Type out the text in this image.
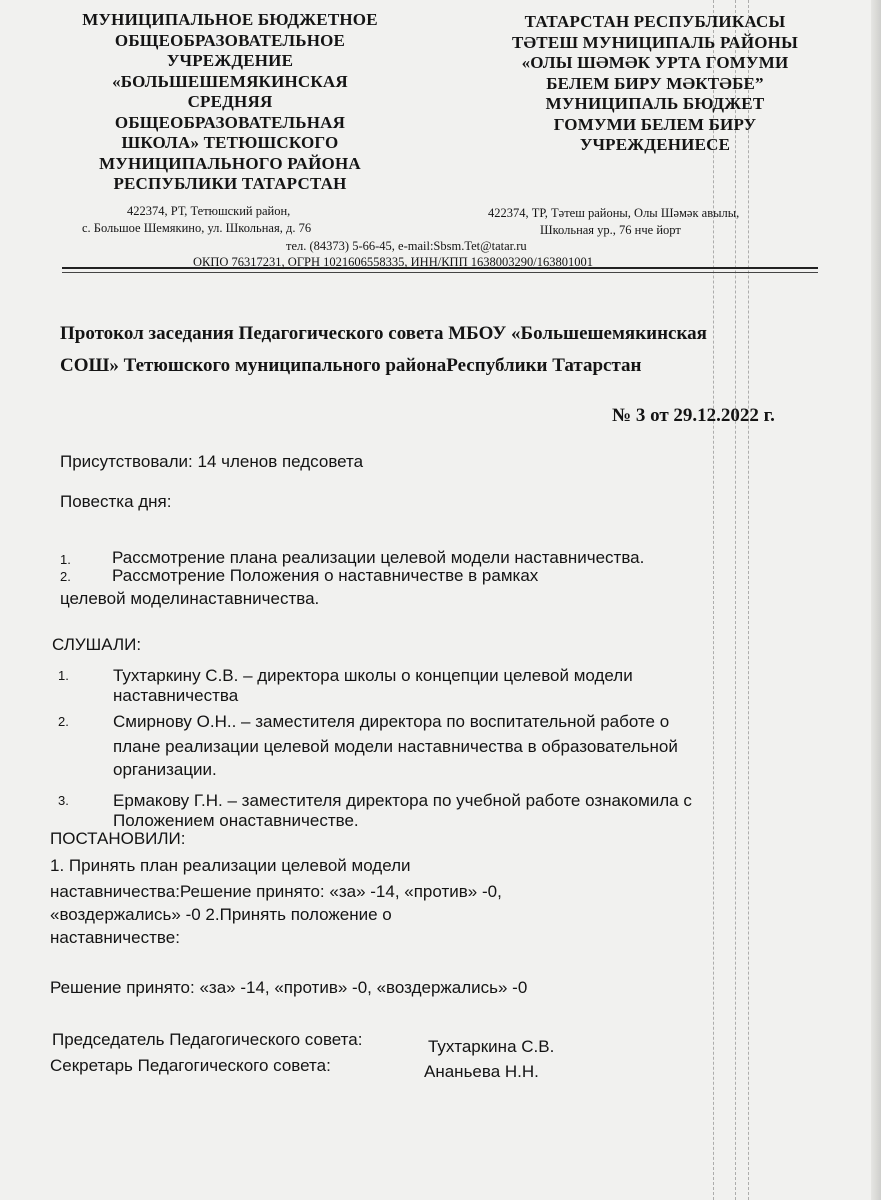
МУНИЦИПАЛЬНОЕ БЮДЖЕТНОЕ
ОБЩЕОБРАЗОВАТЕЛЬНОЕ
УЧРЕЖДЕНИЕ
«БОЛЬШЕШЕМЯКИНСКАЯ
СРЕДНЯЯ
ОБЩЕОБРАЗОВАТЕЛЬНАЯ
ШКОЛА» ТЕТЮШСКОГО
МУНИЦИПАЛЬНОГО РАЙОНА
РЕСПУБЛИКИ ТАТАРСТАН
422374, РТ, Тетюшский район,
с. Большое Шемякино, ул. Школьная, д. 76
ТАТАРСТАН РЕСПУБЛИКАСЫ
ТӘТЕШ МУНИЦИПАЛЬ РАЙОНЫ
«ОЛЫ ШӘМӘК УРТА ГОМУМИ
БЕЛЕМ БИРУ МӘКТӘБЕ”
МУНИЦИПАЛЬ БЮДЖЕТ
ГОМУМИ БЕЛЕМ БИРУ
УЧРЕЖДЕНИЕСЕ
422374, ТР, Тәтеш районы, Олы Шәмәк авылы,
Школьная ур., 76 нче йорт
тел. (84373) 5-66-45, e-mail:Sbsm.Tet@tatar.ru
ОКПО 76317231, ОГРН 1021606558335, ИНН/КПП 1638003290/163801001
Протокол заседания Педагогического совета МБОУ «Большешемякинская
СОШ» Тетюшского муниципального районаРеспублики Татарстан
№ 3 от 29.12.2022 г.
Присутствовали: 14 членов педсовета
Повестка дня:
1. Рассмотрение плана реализации целевой модели наставничества.
2. Рассмотрение Положения о наставничестве в рамках
целевой моделинаставничества.
СЛУШАЛИ:
1.	Тухтаркину С.В. – директора школы о концепции целевой модели
наставничества
2.	Смирнову О.Н.. – заместителя директора по воспитательной работе о
плане реализации целевой модели наставничества в образовательной
организации.
3.	Ермакову Г.Н. – заместителя директора по учебной работе ознакомила с
Положением онаставничестве.
ПОСТАНОВИЛИ:
1. Принять план реализации целевой модели
наставничества:Решение принято: «за» -14, «против» -0,
«воздержались» -0 2.Принять положение о
наставничестве:
Решение принято: «за» -14, «против» -0, «воздержались» -0
Председатель Педагогического совета:	Тухтаркина С.В.
Секретарь Педагогического совета:	Ананьева Н.Н.
